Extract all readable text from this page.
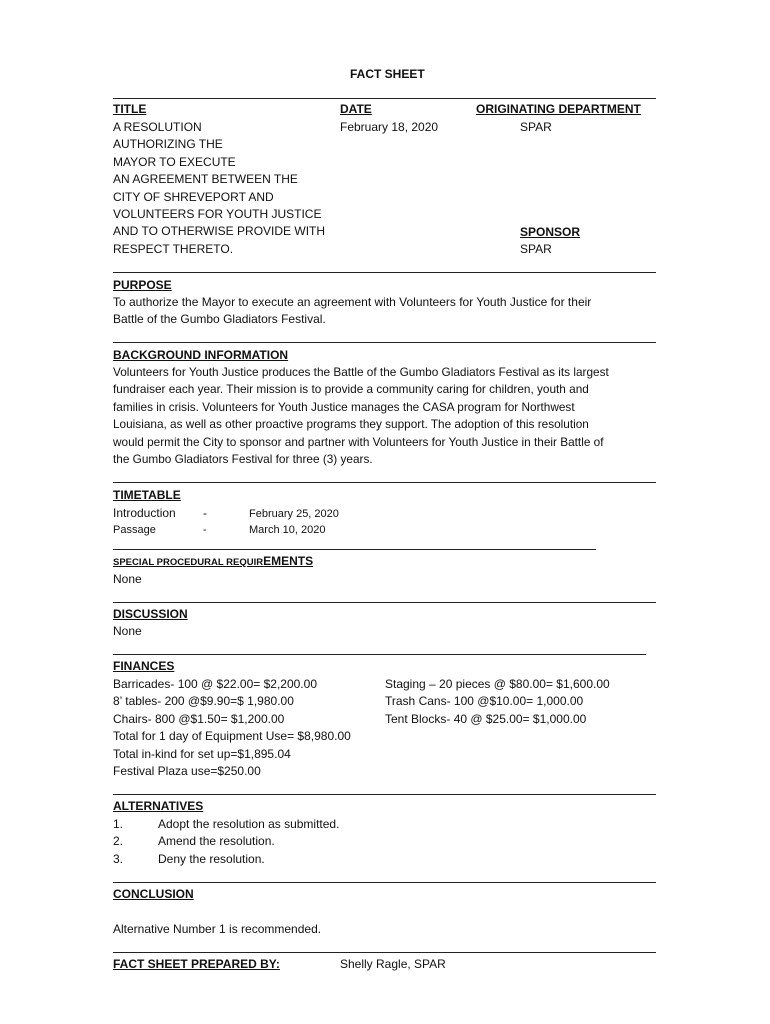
FACT SHEET
TITLE
A RESOLUTION
AUTHORIZING THE
MAYOR TO EXECUTE
AN AGREEMENT BETWEEN THE
CITY OF SHREVEPORT AND
VOLUNTEERS FOR YOUTH JUSTICE
AND TO OTHERWISE PROVIDE WITH
RESPECT THERETO.
DATE
February 18, 2020
ORIGINATING DEPARTMENT
SPAR
SPONSOR
SPAR
PURPOSE
To authorize the Mayor to execute an agreement with Volunteers for Youth Justice for their
Battle of the Gumbo Gladiators Festival.
BACKGROUND INFORMATION
Volunteers for Youth Justice produces the Battle of the Gumbo Gladiators Festival as its largest
fundraiser each year. Their mission is to provide a community caring for children, youth and
families in crisis. Volunteers for Youth Justice manages the CASA program for Northwest
Louisiana, as well as other proactive programs they support. The adoption of this resolution
would permit the City to sponsor and partner with Volunteers for Youth Justice in their Battle of
the Gumbo Gladiators Festival for three (3) years.
TIMETABLE
Introduction -	February 25, 2020
Passage	-	March 10, 2020
SPECIAL PROCEDURAL REQUIREMENTS
None
DISCUSSION
None
FINANCES
Barricades- 100 @ $22.00= $2,200.00
8’ tables- 200 @$9.90=$ 1,980.00
Chairs- 800 @$1.50= $1,200.00
Total for 1 day of Equipment Use= $8,980.00
Total in-kind for set up=$1,895.04
Festival Plaza use=$250.00
Staging – 20 pieces @ $80.00= $1,600.00
Trash Cans- 100 @$10.00= 1,000.00
Tent Blocks- 40 @ $25.00= $1,000.00
ALTERNATIVES
1.	Adopt the resolution as submitted.
2.	Amend the resolution.
3.	Deny the resolution.
CONCLUSION
Alternative Number 1 is recommended.
FACT SHEET PREPARED BY:	Shelly Ragle, SPAR
